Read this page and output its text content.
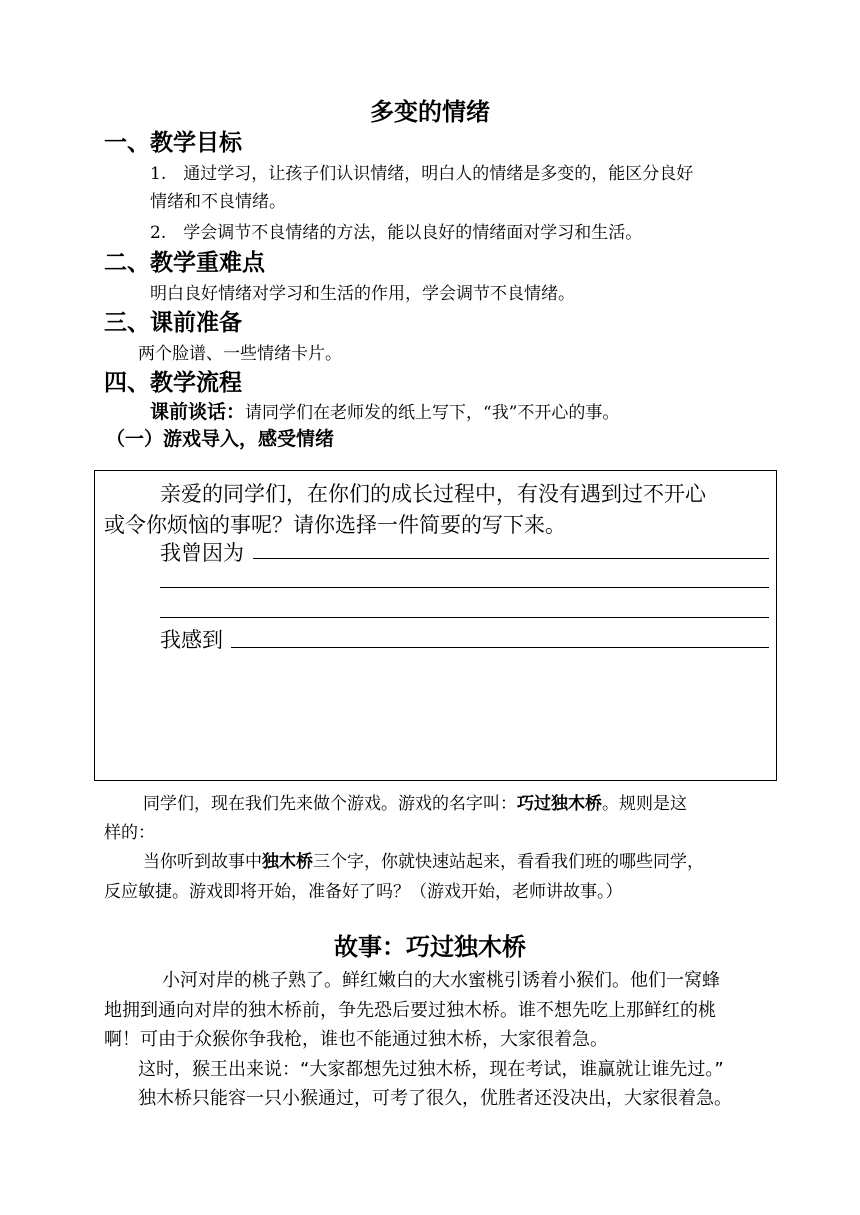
多变的情绪
一、教学目标
1.　通过学习，让孩子们认识情绪，明白人的情绪是多变的，能区分良好
情绪和不良情绪。
2.　学会调节不良情绪的方法，能以良好的情绪面对学习和生活。
二、教学重难点
明白良好情绪对学习和生活的作用，学会调节不良情绪。
三、课前准备
两个脸谱、一些情绪卡片。
四、教学流程
课前谈话：请同学们在老师发的纸上写下，“我”不开心的事。
（一）游戏导入，感受情绪
亲爱的同学们，在你们的成长过程中，有没有遇到过不开心
或令你烦恼的事呢？请你选择一件简要的写下来。
我曾因为
我感到
同学们，现在我们先来做个游戏。游戏的名字叫：巧过独木桥。规则是这
样的：
当你听到故事中独木桥三个字，你就快速站起来，看看我们班的哪些同学，
反应敏捷。游戏即将开始，准备好了吗？（游戏开始，老师讲故事。）
故事：巧过独木桥
小河对岸的桃子熟了。鲜红嫩白的大水蜜桃引诱着小猴们。他们一窝蜂
地拥到通向对岸的独木桥前，争先恐后要过独木桥。谁不想先吃上那鲜红的桃
啊！可由于众猴你争我枪，谁也不能通过独木桥，大家很着急。
这时，猴王出来说：“大家都想先过独木桥，现在考试，谁赢就让谁先过。”
独木桥只能容一只小猴通过，可考了很久，优胜者还没决出，大家很着急。
